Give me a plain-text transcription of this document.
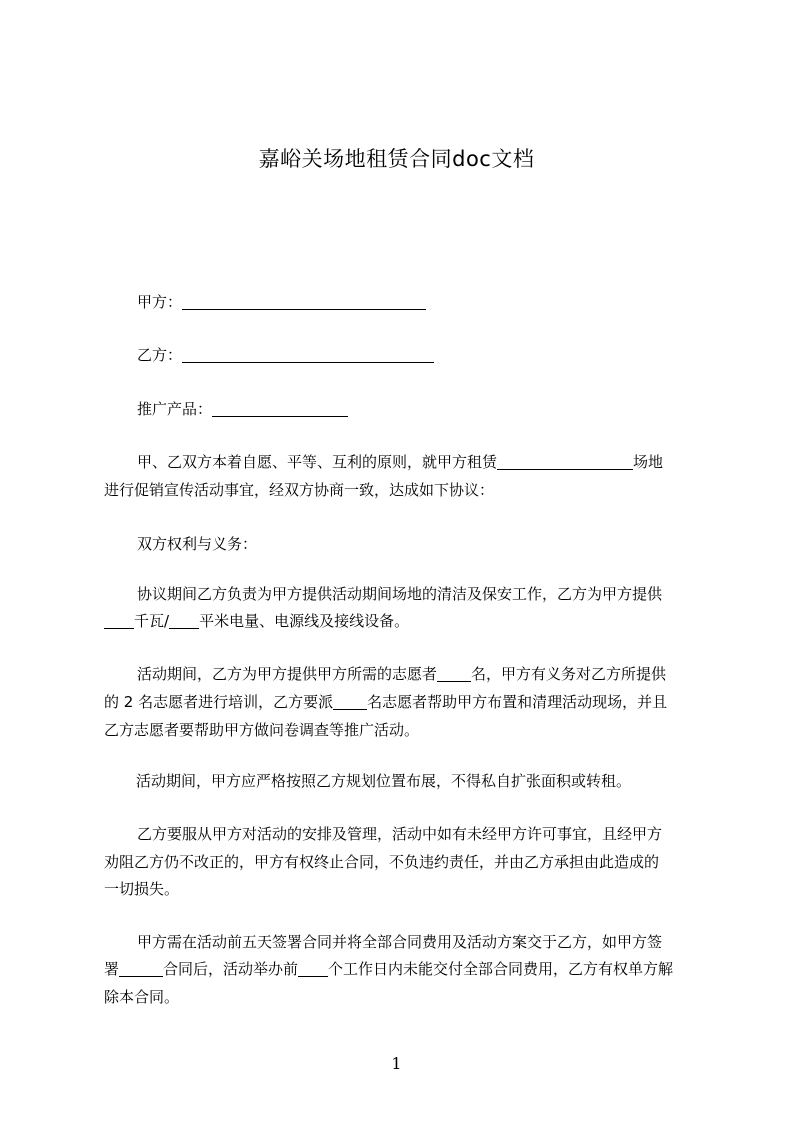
嘉峪关场地租赁合同doc文档
甲方：
乙方：
推广产品：
甲、乙双方本着自愿、平等、互利的原则，就甲方租赁	场地
进行促销宣传活动事宜，经双方协商一致，达成如下协议：
双方权利与义务：
协议期间乙方负责为甲方提供活动期间场地的清洁及保安工作，乙方为甲方提供
千瓦/ 平米电量、电源线及接线设备。
活动期间，乙方为甲方提供甲方所需的志愿者 名，甲方有义务对乙方所提供
的 2 名志愿者进行培训，乙方要派 名志愿者帮助甲方布置和清理活动现场，并且
乙方志愿者要帮助甲方做问卷调查等推广活动。
活动期间，甲方应严格按照乙方规划位置布展，不得私自扩张面积或转租。
乙方要服从甲方对活动的安排及管理，活动中如有未经甲方许可事宜，且经甲方
劝阻乙方仍不改正的，甲方有权终止合同，不负违约责任，并由乙方承担由此造成的
一切损失。
甲方需在活动前五天签署合同并将全部合同费用及活动方案交于乙方，如甲方签
署	合同后，活动举办前 个工作日内未能交付全部合同费用，乙方有权单方解
除本合同。
1
